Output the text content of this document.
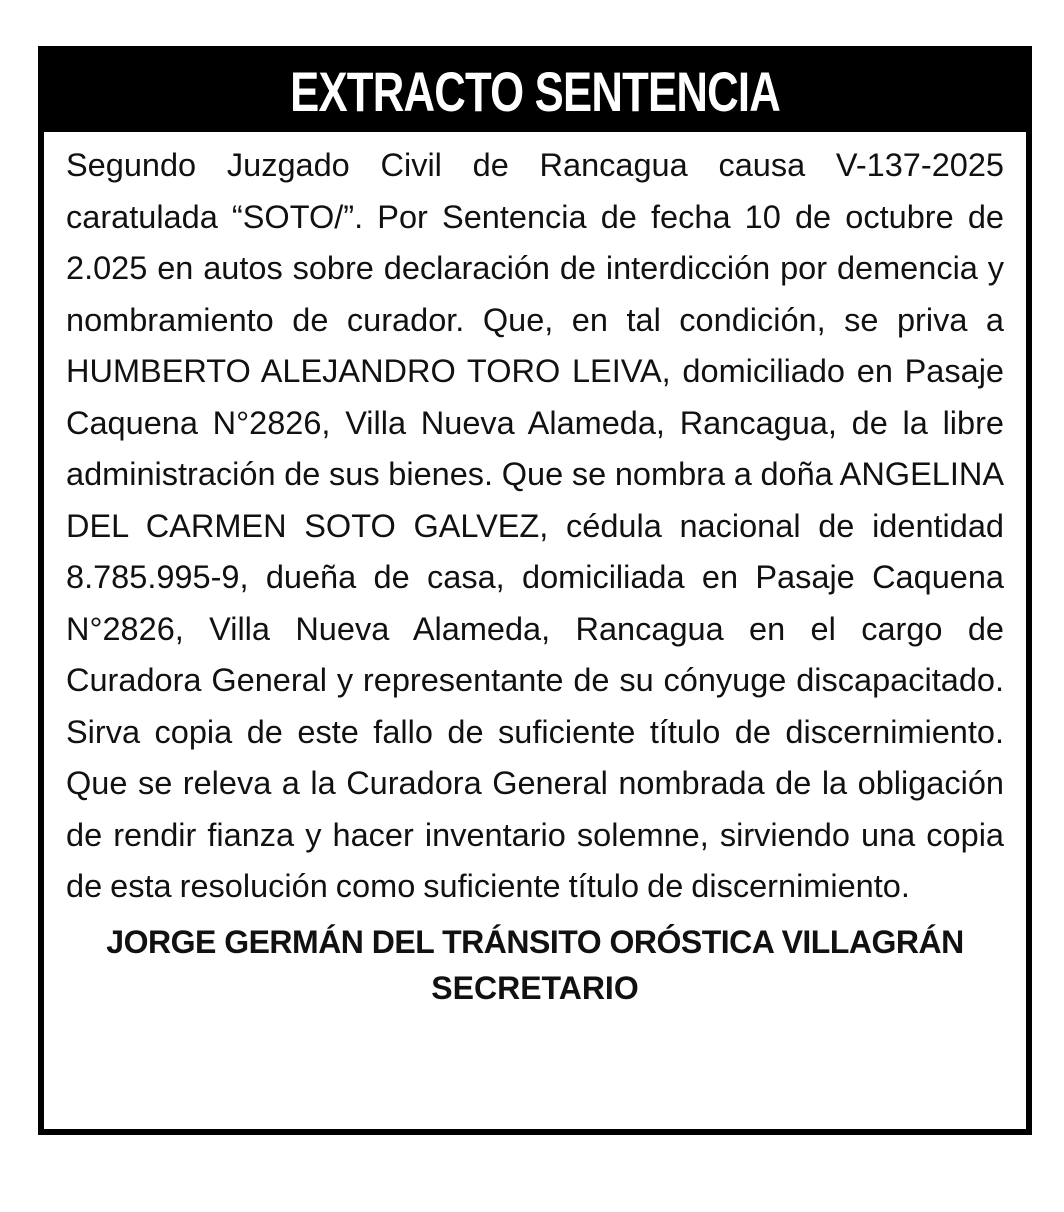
EXTRACTO SENTENCIA

Segundo Juzgado Civil de Rancagua causa V-137-2025 caratulada “SOTO/”. Por Sentencia de fecha 10 de octubre de 2.025 en autos sobre declaración de interdicción por demencia y nombramiento de curador. Que, en tal condición, se priva a HUMBERTO ALEJANDRO TORO LEIVA, domiciliado en Pasaje Caquena N°2826, Villa Nueva Alameda, Rancagua, de la libre administración de sus bienes. Que se nombra a doña ANGELINA DEL CARMEN SOTO GALVEZ, cédula nacional de identidad 8.785.995-9, dueña de casa, domiciliada en Pasaje Caquena N°2826, Villa Nueva Alameda, Rancagua en el cargo de Curadora General y representante de su cónyuge discapacitado. Sirva copia de este fallo de suficiente título de discernimiento. Que se releva a la Curadora General nombrada de la obligación de rendir fianza y hacer inventario solemne, sirviendo una copia de esta resolución como suficiente título de discernimiento.

JORGE GERMÁN DEL TRÁNSITO ORÓSTICA VILLAGRÁN
SECRETARIO
